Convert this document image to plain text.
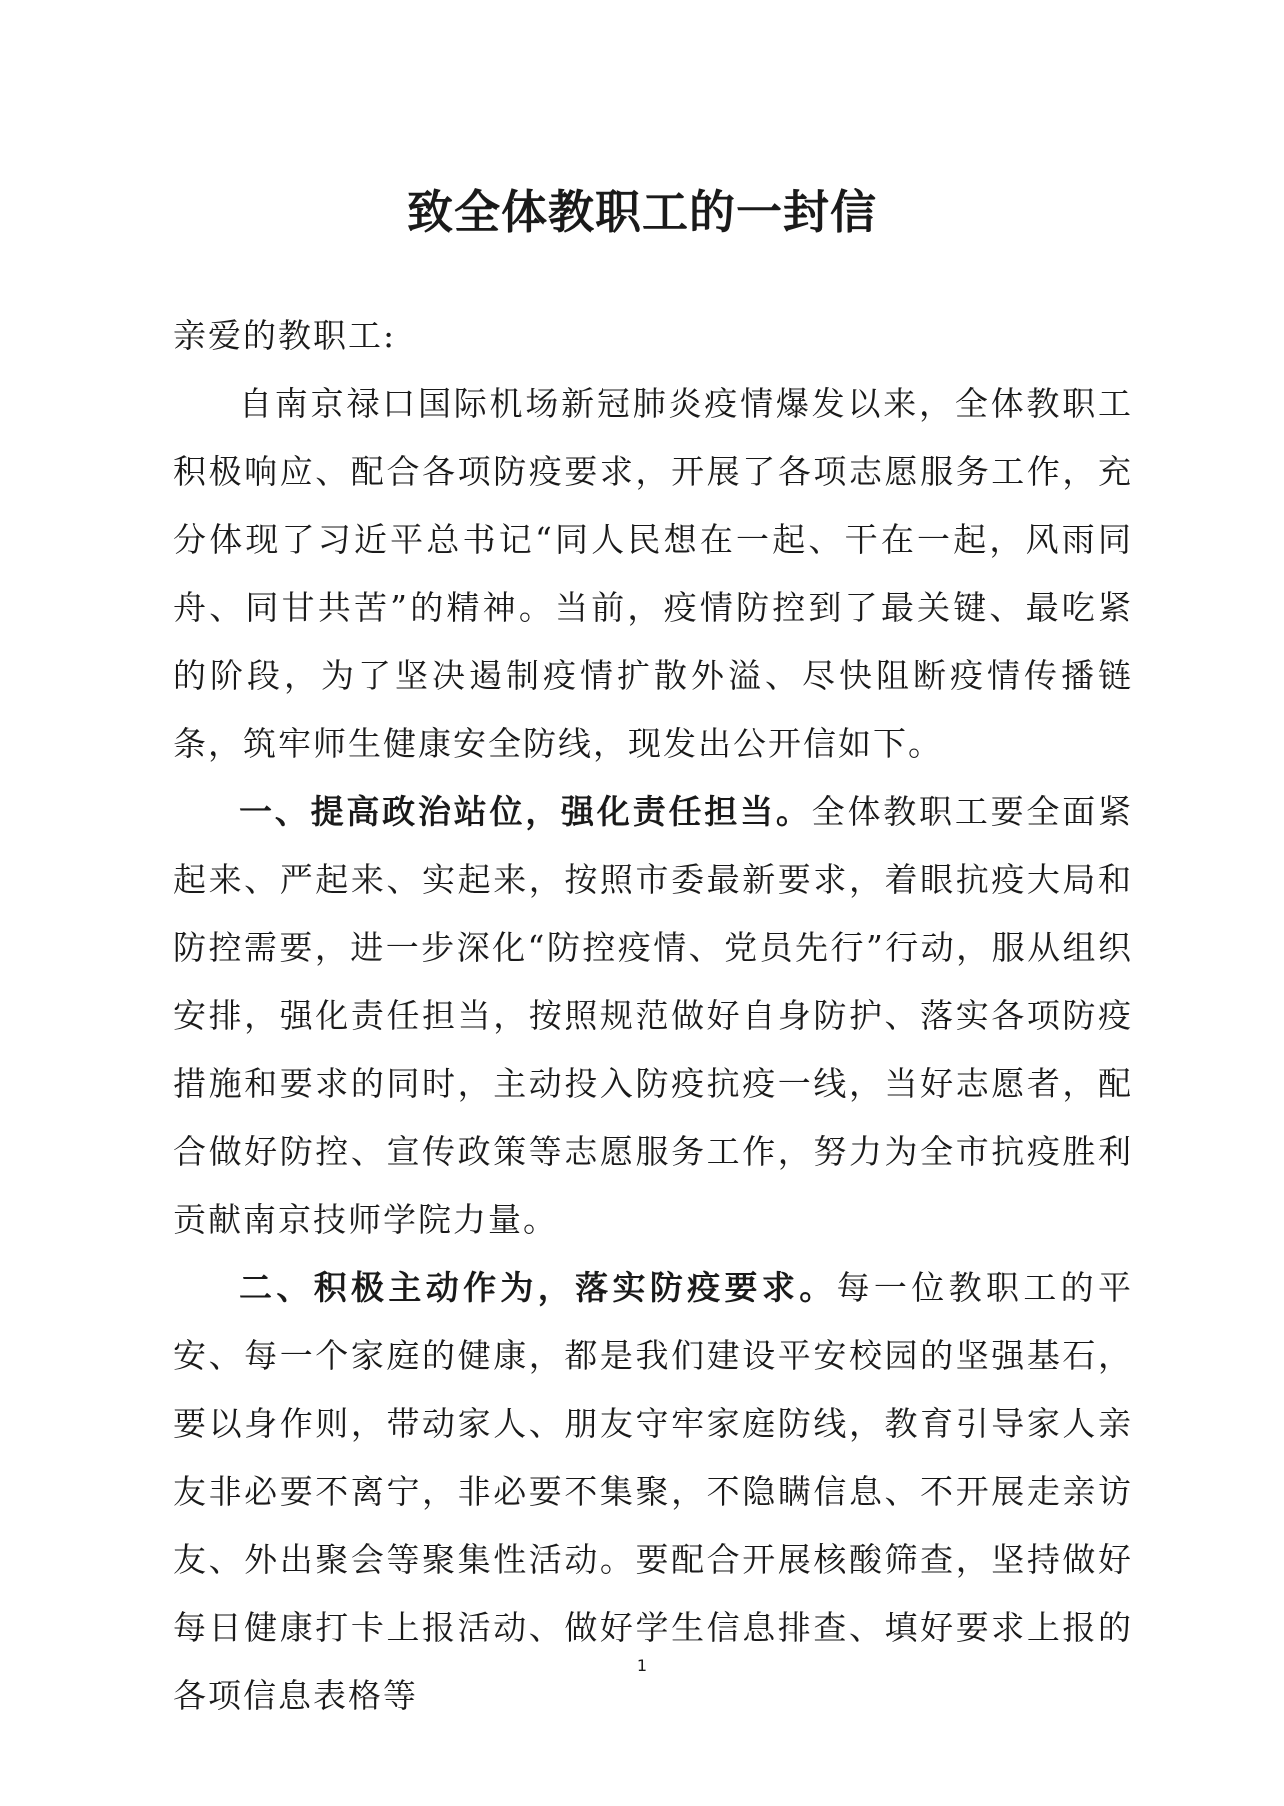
致全体教职工的一封信

亲爱的教职工:

自南京禄口国际机场新冠肺炎疫情爆发以来，全体教职工积极响应、配合各项防疫要求，开展了各项志愿服务工作，充分体现了习近平总书记“同人民想在一起、干在一起，风雨同舟、同甘共苦”的精神。当前，疫情防控到了最关键、最吃紧的阶段，为了坚决遏制疫情扩散外溢、尽快阻断疫情传播链条，筑牢师生健康安全防线，现发出公开信如下。

一、提高政治站位，强化责任担当。全体教职工要全面紧起来、严起来、实起来，按照市委最新要求，着眼抗疫大局和防控需要，进一步深化“防控疫情、党员先行”行动，服从组织安排，强化责任担当，按照规范做好自身防护、落实各项防疫措施和要求的同时，主动投入防疫抗疫一线，当好志愿者，配合做好防控、宣传政策等志愿服务工作，努力为全市抗疫胜利贡献南京技师学院力量。

二、积极主动作为，落实防疫要求。每一位教职工的平安、每一个家庭的健康，都是我们建设平安校园的坚强基石，要以身作则，带动家人、朋友守牢家庭防线，教育引导家人亲友非必要不离宁，非必要不集聚，不隐瞒信息、不开展走亲访友、外出聚会等聚集性活动。要配合开展核酸筛查，坚持做好每日健康打卡上报活动、做好学生信息排查、填好要求上报的各项信息表格等

1
